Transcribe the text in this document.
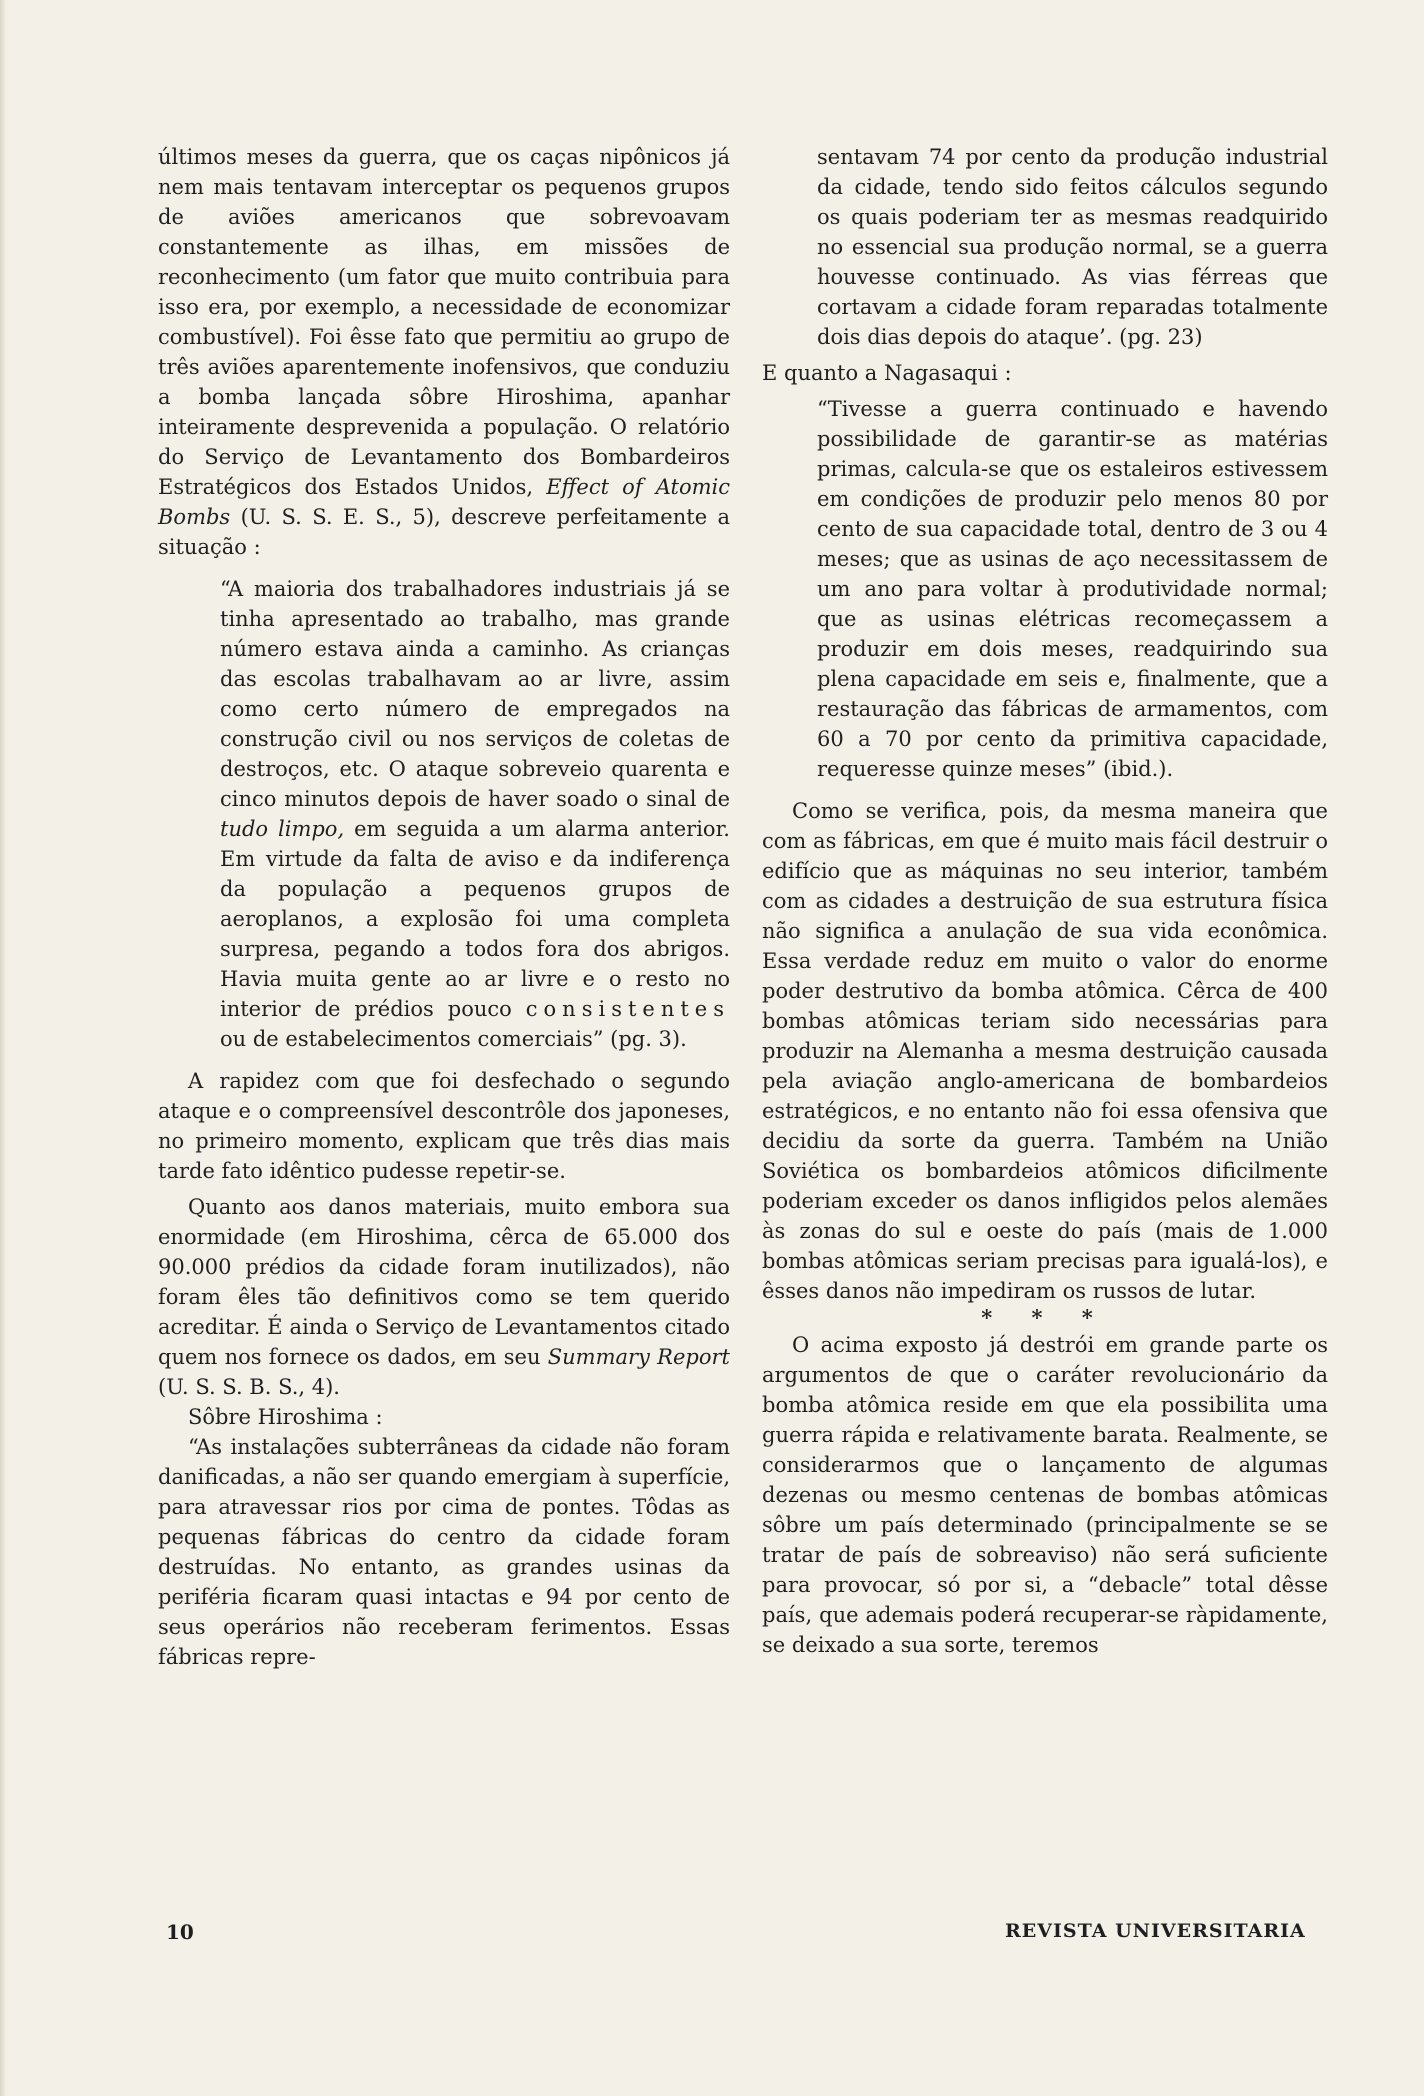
últimos meses da guerra, que os caças nipônicos já nem mais tentavam interceptar os pequenos grupos de aviões americanos que sobrevoavam constantemente as ilhas, em missões de reconhecimento (um fator que muito contribuia para isso era, por exemplo, a necessidade de economizar combustível). Foi êsse fato que permitiu ao grupo de três aviões aparentemente inofensivos, que conduziu a bomba lançada sôbre Hiroshima, apanhar inteiramente desprevenida a população. O relatório do Serviço de Levantamento dos Bombardeiros Estratégicos dos Estados Unidos, Effect of Atomic Bombs (U. S. S. E. S., 5), descreve perfeitamente a situação :

“A maioria dos trabalhadores industriais já se tinha apresentado ao trabalho, mas grande número estava ainda a caminho. As crianças das escolas trabalhavam ao ar livre, assim como certo número de empregados na construção civil ou nos serviços de coletas de destroços, etc. O ataque sobreveio quarenta e cinco minutos depois de haver soado o sinal de tudo limpo, em seguida a um alarma anterior. Em virtude da falta de aviso e da indiferença da população a pequenos grupos de aeroplanos, a explosão foi uma completa surpresa, pegando a todos fora dos abrigos. Havia muita gente ao ar livre e o resto no interior de prédios pouco consistentes ou de estabelecimentos comerciais” (pg. 3).

A rapidez com que foi desfechado o segundo ataque e o compreensível descontrôle dos japoneses, no primeiro momento, explicam que três dias mais tarde fato idêntico pudesse repetir-se.

Quanto aos danos materiais, muito embora sua enormidade (em Hiroshima, cêrca de 65.000 dos 90.000 prédios da cidade foram inutilizados), não foram êles tão definitivos como se tem querido acreditar. É ainda o Serviço de Levantamentos citado quem nos fornece os dados, em seu Summary Report (U. S. S. B. S., 4).

Sôbre Hiroshima :

“As instalações subterrâneas da cidade não foram danificadas, a não ser quando emergiam à superfície, para atravessar rios por cima de pontes. Tôdas as pequenas fábricas do centro da cidade foram destruídas. No entanto, as grandes usinas da periféria ficaram quasi intactas e 94 por cento de seus operários não receberam ferimentos. Essas fábricas repre-

sentavam 74 por cento da produção industrial da cidade, tendo sido feitos cálculos segundo os quais poderiam ter as mesmas readquirido no essencial sua produção normal, se a guerra houvesse continuado. As vias férreas que cortavam a cidade foram reparadas totalmente dois dias depois do ataque’. (pg. 23)

E quanto a Nagasaqui :

“Tivesse a guerra continuado e havendo possibilidade de garantir-se as matérias primas, calcula-se que os estaleiros estivessem em condições de produzir pelo menos 80 por cento de sua capacidade total, dentro de 3 ou 4 meses; que as usinas de aço necessitassem de um ano para voltar à produtividade normal; que as usinas elétricas recomeçassem a produzir em dois meses, readquirindo sua plena capacidade em seis e, finalmente, que a restauração das fábricas de armamentos, com 60 a 70 por cento da primitiva capacidade, requeresse quinze meses” (ibid.).

Como se verifica, pois, da mesma maneira que com as fábricas, em que é muito mais fácil destruir o edifício que as máquinas no seu interior, também com as cidades a destruição de sua estrutura física não significa a anulação de sua vida econômica. Essa verdade reduz em muito o valor do enorme poder destrutivo da bomba atômica. Cêrca de 400 bombas atômicas teriam sido necessárias para produzir na Alemanha a mesma destruição causada pela aviação anglo-americana de bombardeios estratégicos, e no entanto não foi essa ofensiva que decidiu da sorte da guerra. Também na União Soviética os bombardeios atômicos dificilmente poderiam exceder os danos infligidos pelos alemães às zonas do sul e oeste do país (mais de 1.000 bombas atômicas seriam precisas para igualá-los), e êsses danos não impediram os russos de lutar.

* * *

O acima exposto já destrói em grande parte os argumentos de que o caráter revolucionário da bomba atômica reside em que ela possibilita uma guerra rápida e relativamente barata. Realmente, se considerarmos que o lançamento de algumas dezenas ou mesmo centenas de bombas atômicas sôbre um país determinado (principalmente se se tratar de país de sobreaviso) não será suficiente para provocar, só por si, a “debacle” total dêsse país, que ademais poderá recuperar-se ràpidamente, se deixado a sua sorte, teremos

10	REVISTA UNIVERSITARIA
